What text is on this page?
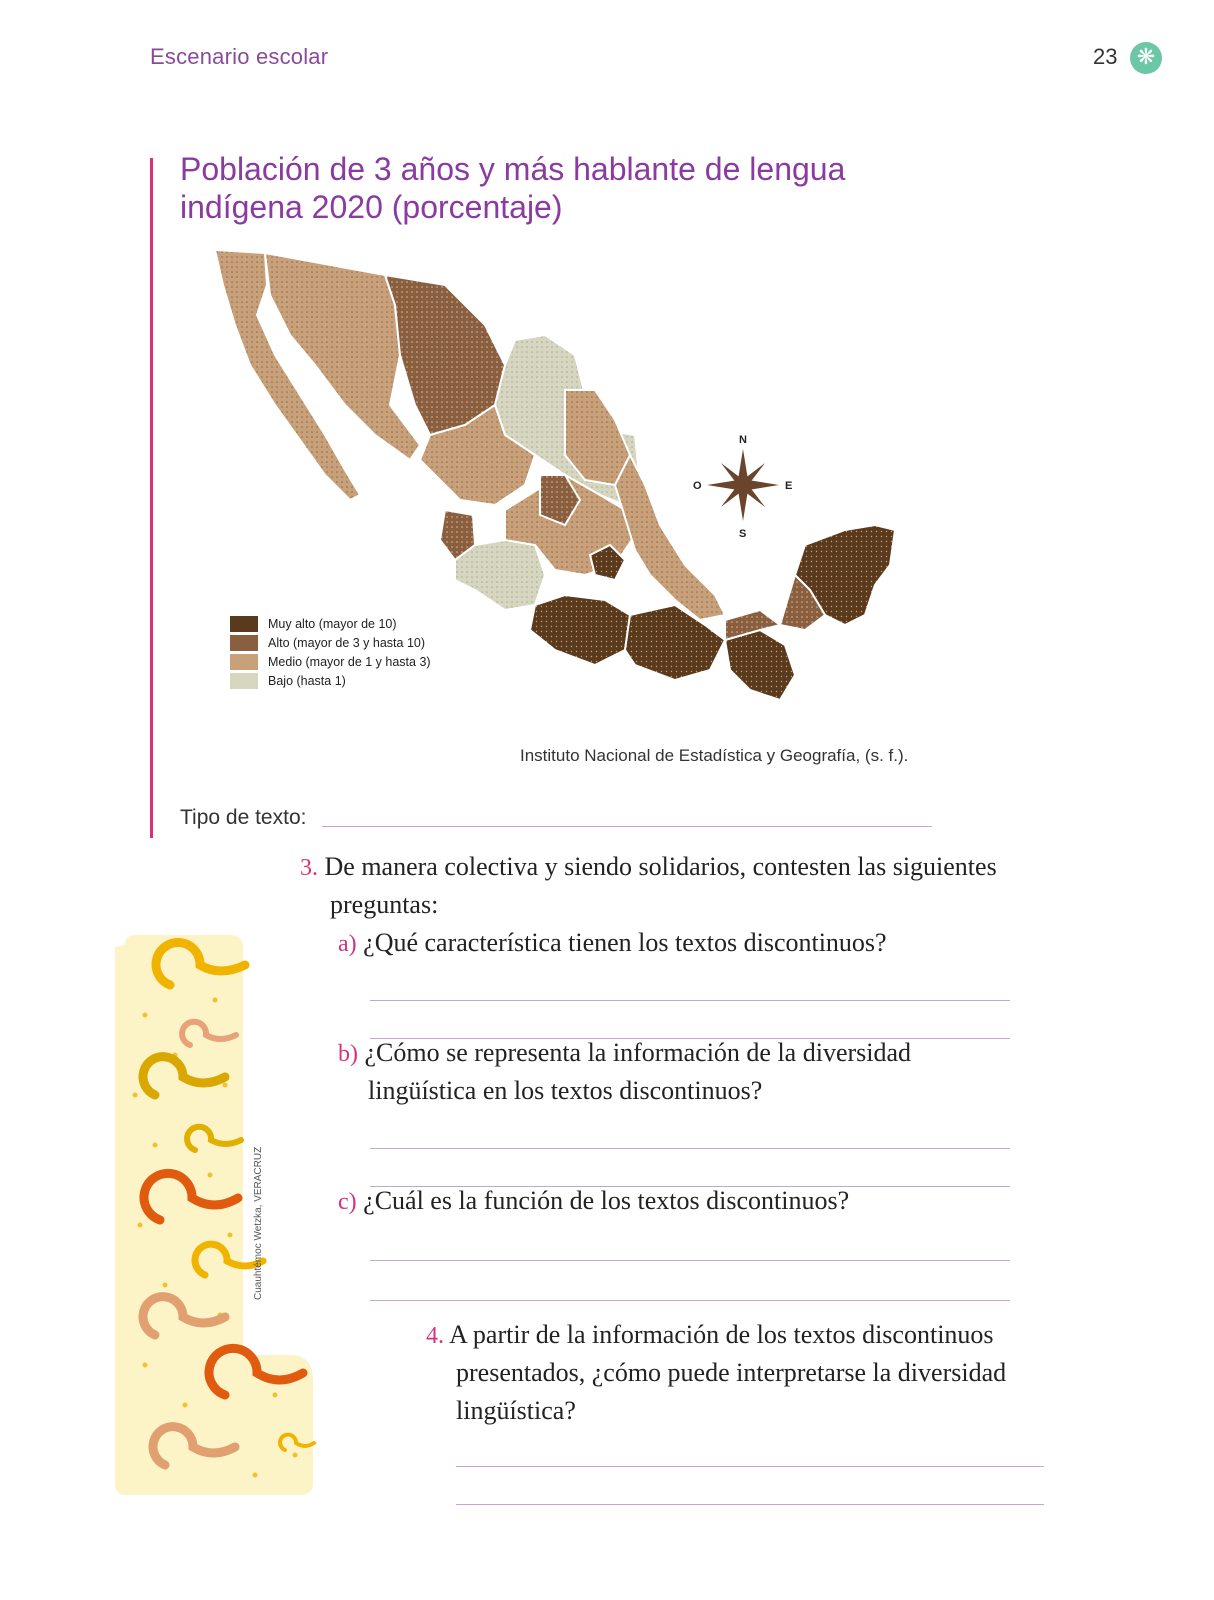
Escenario escolar	23 ❋
Población de 3 años y más hablante de lengua indígena 2020 (porcentaje)
N
S
E
O
Muy alto (mayor de 10)
Alto (mayor de 3 y hasta 10)
Medio (mayor de 1 y hasta 3)
Bajo (hasta 1)
Instituto Nacional de Estadística y Geografía, (s. f.).
Tipo de texto:
3. De manera colectiva y siendo solidarios, contesten las siguientes
preguntas:
a) ¿Qué característica tienen los textos discontinuos?
b) ¿Cómo se representa la información de la diversidad
lingüística en los textos discontinuos?
c) ¿Cuál es la función de los textos discontinuos?
4. A partir de la información de los textos discontinuos
presentados, ¿cómo puede interpretarse la diversidad
lingüística?
Cuauhtémoc Wetzka, VERACRUZ
